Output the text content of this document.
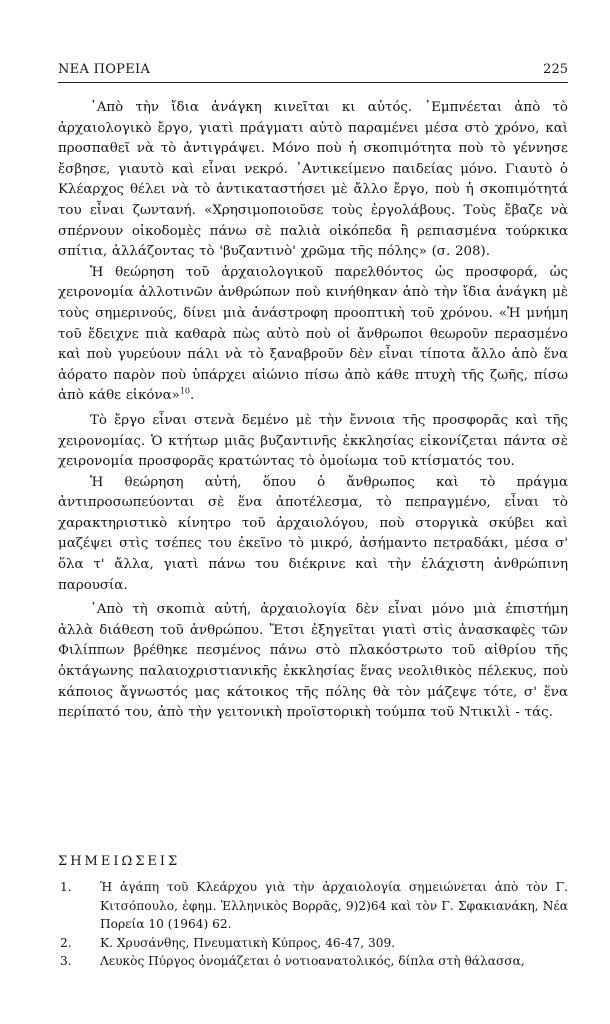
ΝΕΑ ΠΟΡΕΙΑ	225

᾿Απὸ τὴν ἴδια ἀνάγκη κινεῖται κι αὐτός. ᾿Εμπνέεται ἀπὸ τὸ ἀρχαιολογικὸ ἔργο, γιατὶ πράγματι αὐτὸ παραμένει μέσα στὸ χρόνο, καὶ προσπαθεῖ νὰ τὸ ἀντιγράψει. Μόνο ποὺ ἡ σκοπιμότητα ποὺ τὸ γέννησε ἔσβησε, γιαυτὸ καὶ εἶναι νεκρό. ᾿Αντικείμενο παιδείας μόνο. Γιαυτὸ ὁ Κλέαρχος θέλει νὰ τὸ ἀντικαταστήσει μὲ ἄλλο ἔργο, ποὺ ἡ σκοπιμότητά του εἶναι ζωντανή. «Χρησιμοποιοῦσε τοὺς ἐργολάβους. Τοὺς ἔβαζε νὰ σπέρνουν οἰκοδομὲς πάνω σὲ παλιὰ οἰκόπεδα ἢ ρεπιασμένα τούρκικα σπίτια, ἀλλάζοντας τὸ 'βυζαντινὸ' χρῶμα τῆς πόλης» (σ. 208).

Ἡ θεώρηση τοῦ ἀρχαιολογικοῦ παρελθόντος ὡς προσφορά, ὡς χειρονομία ἀλλοτινῶν ἀνθρώπων ποὺ κινήθηκαν ἀπὸ τὴν ἴδια ἀνάγκη μὲ τοὺς σημερινούς, δίνει μιὰ ἀνάστροφη προοπτικὴ τοῦ χρόνου. «Ἡ μνήμη τοῦ ἔδειχνε πιὰ καθαρὰ πὼς αὐτὸ ποὺ οἱ ἄνθρωποι θεωροῦν περασμένο καὶ ποὺ γυρεύουν πάλι νὰ τὸ ξαναβροῦν δὲν εἶναι τίποτα ἄλλο ἀπὸ ἕνα ἀόρατο παρὸν ποὺ ὑπάρχει αἰώνιο πίσω ἀπὸ κάθε πτυχὴ τῆς ζωῆς, πίσω ἀπὸ κάθε εἰκόνα»$^{10}$.

Τὸ ἔργο εἶναι στενὰ δεμένο μὲ τὴν ἔννοια τῆς προσφορᾶς καὶ τῆς χειρονομίας. Ὁ κτήτωρ μιᾶς βυζαντινῆς ἐκκλησίας εἰκονίζεται πάντα σὲ χειρονομία προσφορᾶς κρατώντας τὸ ὁμοίωμα τοῦ κτίσματός του.

Ἡ θεώρηση αὐτή, ὅπου ὁ ἄνθρωπος καὶ τὸ πράγμα ἀντιπροσωπεύονται σὲ ἕνα ἀποτέλεσμα, τὸ πεπραγμένο, εἶναι τὸ χαρακτηριστικὸ κίνητρο τοῦ ἀρχαιολόγου, ποὺ στοργικὰ σκύβει καὶ μαζέψει στὶς τσέπες του ἐκεῖνο τὸ μικρό, ἀσήμαντο πετραδάκι, μέσα σ' ὅλα τ' ἄλλα, γιατὶ πάνω του διέκρινε καὶ τὴν ἐλάχιστη ἀνθρώπινη παρουσία.

᾿Απὸ τὴ σκοπιὰ αὐτή, ἀρχαιολογία δὲν εἶναι μόνο μιὰ ἐπιστήμη ἀλλὰ διάθεση τοῦ ἀνθρώπου. Ἔτσι ἐξηγεῖται γιατὶ στὶς ἀνασκαφὲς τῶν Φιλίππων βρέθηκε πεσμένος πάνω στὸ πλακόστρωτο τοῦ αἰθρίου τῆς ὀκτάγωνης παλαιοχριστιανικῆς ἐκκλησίας ἕνας νεολιθικὸς πέλεκυς, ποὺ κάποιος ἄγνωστός μας κάτοικος τῆς πόλης θὰ τὸν μάζεψε τότε, σ' ἕνα περίπατό του, ἀπὸ τὴν γειτονικὴ προϊστορικὴ τούμπα τοῦ Ντικιλὶ - τάς.

ΣΗΜΕΙΩΣΕΙΣ
1. Ἡ ἀγάπη τοῦ Κλεάρχου γιὰ τὴν ἀρχαιολογία σημειώνεται ἀπὸ τὸν Γ. Κιτσόπουλο, ἐφημ. Ἑλληνικὸς Βορρᾶς, 9)2)64 καὶ τὸν Γ. Σφακιανάκη, Νέα Πορεία 10 (1964) 62.
2. Κ. Χρυσάνθης, Πνευματικὴ Κύπρος, 46-47, 309.
3. Λευκὸς Πύργος ὀνομάζεται ὁ νοτιοανατολικός, δίπλα στὴ θάλασσα,
